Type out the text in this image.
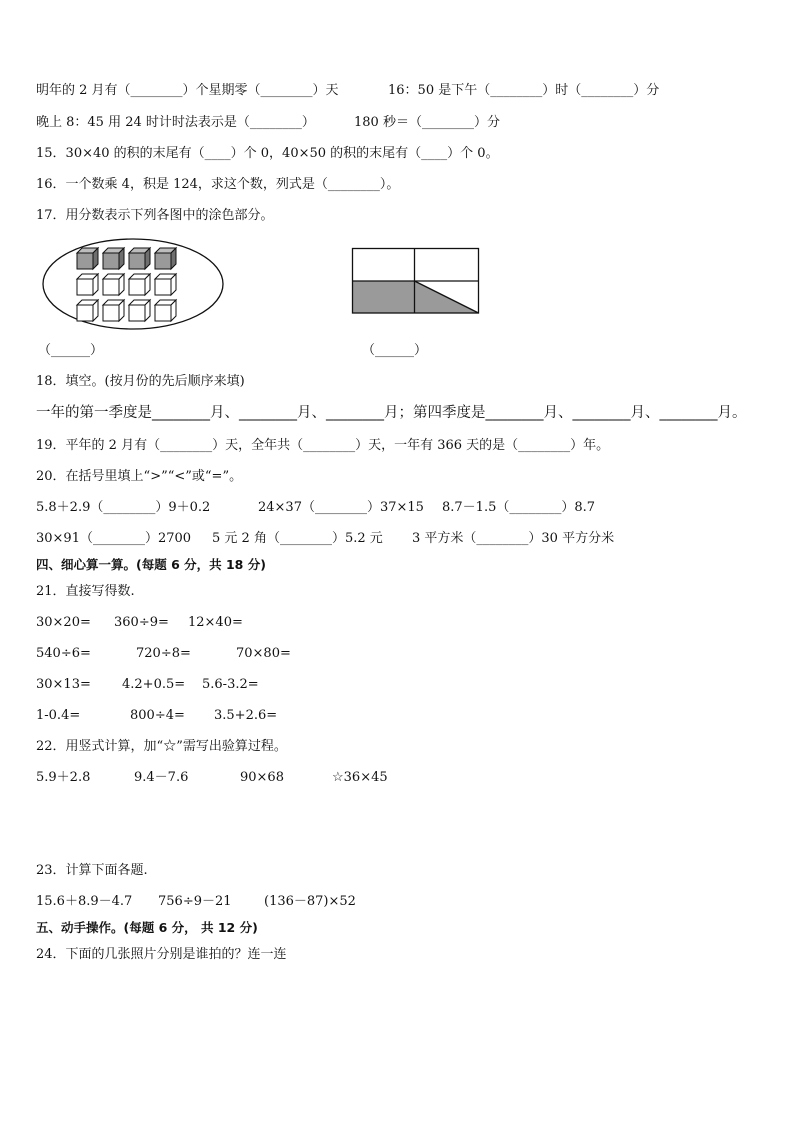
明年的 2 月有（________）个星期零（________）天	16：50 是下午（________）时（________）分
晚上 8：45 用 24 时计时法表示是（________）	180 秒＝（________）分
15．30×40 的积的末尾有（____）个 0，40×50 的积的末尾有（____）个 0。
16．一个数乘 4，积是 124，求这个数，列式是（________）。
17．用分数表示下列各图中的涂色部分。
（______）	（______）
18．填空。(按月份的先后顺序来填)
一年的第一季度是________月、________月、________月；第四季度是________月、________月、________月。
19．平年的 2 月有（________）天，全年共（________）天，一年有 366 天的是（________）年。
20．在括号里填上“>”“<”或“=”。
5.8＋2.9（________）9＋0.2	24×37（________）37×15 8.7－1.5（________）8.7
30×91（________）2700 5 元 2 角（________）5.2 元 3 平方米（________）30 平方分米
四、细心算一算。(每题 6 分，共 18 分)
21．直接写得数.
30×20= 360÷9= 12×40=
540÷6=	720÷8=	70×80=
30×13= 4.2+0.5= 5.6-3.2=
1-0.4=	800÷4= 3.5+2.6=
22．用竖式计算，加“☆”需写出验算过程。
5.9＋2.8	9.4－7.6	90×68	☆36×45
23．计算下面各题.
15.6＋8.9－4.7 756÷9－21 (136－87)×52
五、动手操作。(每题 6 分， 共 12 分)
24．下面的几张照片分别是谁拍的？连一连
